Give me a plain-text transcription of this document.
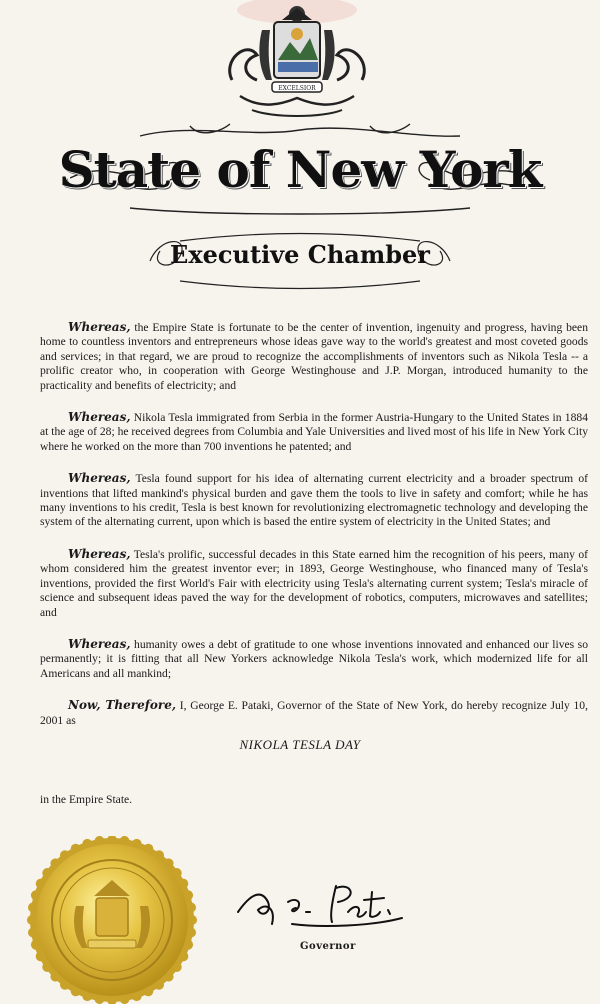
EXCELSIOR
State of New York
Executive Chamber

Whereas, the Empire State is fortunate to be the center of invention, ingenuity and progress, having been home to countless inventors and entrepreneurs whose ideas gave way to the world's greatest and most coveted goods and services; in that regard, we are proud to recognize the accomplishments of inventors such as Nikola Tesla -- a prolific creator who, in cooperation with George Westinghouse and J.P. Morgan, introduced humanity to the practicality and benefits of electricity; and

Whereas, Nikola Tesla immigrated from Serbia in the former Austria-Hungary to the United States in 1884 at the age of 28; he received degrees from Columbia and Yale Universities and lived most of his life in New York City where he worked on the more than 700 inventions he patented; and

Whereas, Tesla found support for his idea of alternating current electricity and a broader spectrum of inventions that lifted mankind's physical burden and gave them the tools to live in safety and comfort; while he has many inventions to his credit, Tesla is best known for revolutionizing electromagnetic technology and developing the system of the alternating current, upon which is based the entire system of electricity in the United States; and

Whereas, Tesla's prolific, successful decades in this State earned him the recognition of his peers, many of whom considered him the greatest inventor ever; in 1893, George Westinghouse, who financed many of Tesla's inventions, provided the first World's Fair with electricity using Tesla's alternating current system; Tesla's miracle of science and subsequent ideas paved the way for the development of robotics, computers, microwaves and satellites; and

Whereas, humanity owes a debt of gratitude to one whose inventions innovated and enhanced our lives so permanently; it is fitting that all New Yorkers acknowledge Nikola Tesla's work, which modernized life for all Americans and all mankind;

Now, Therefore, I, George E. Pataki, Governor of the State of New York, do hereby recognize July 10, 2001 as

NIKOLA TESLA DAY
in the Empire State.
Governor
